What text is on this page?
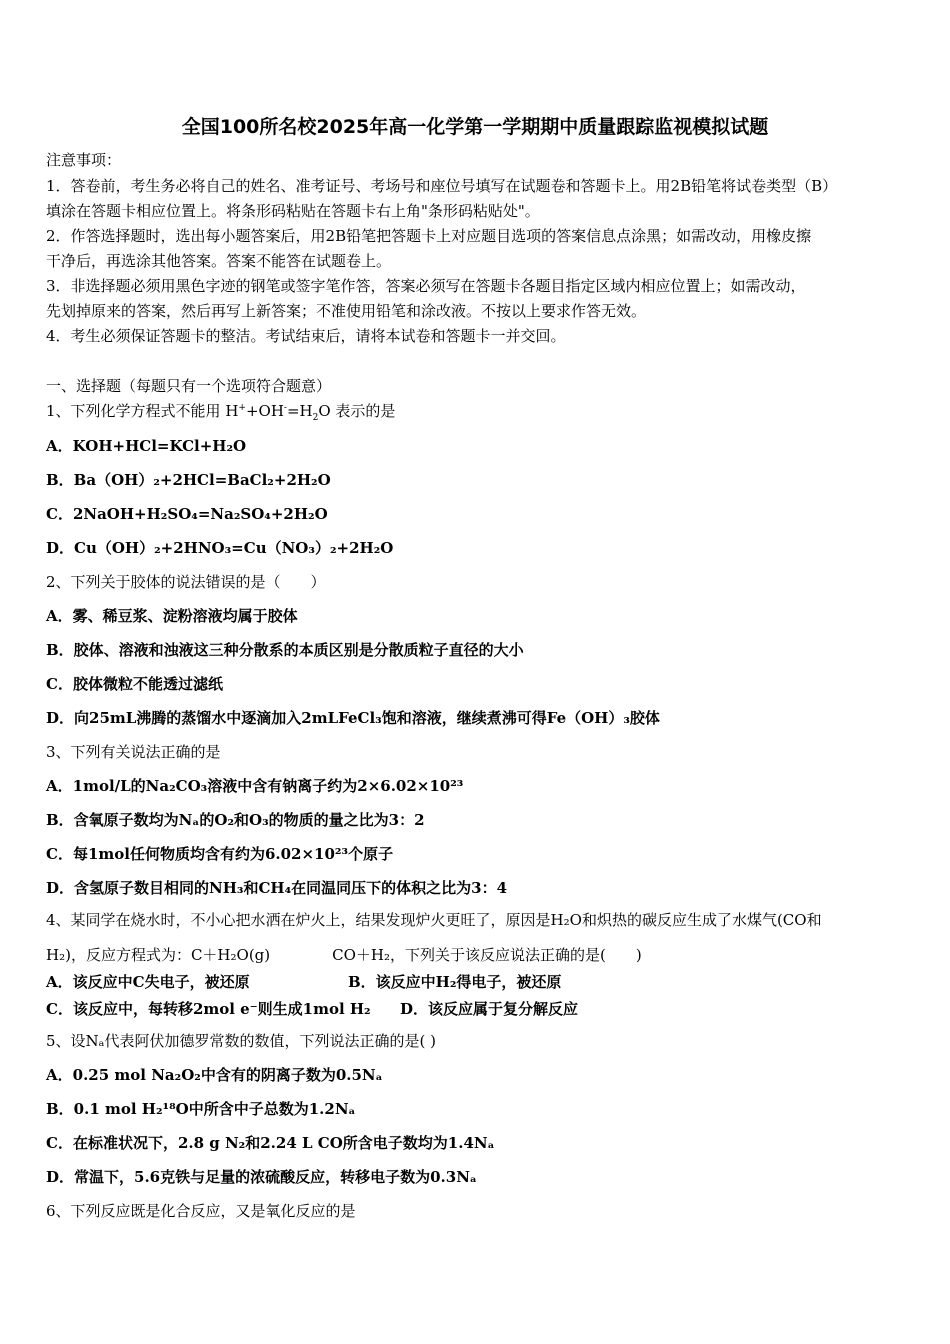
全国100所名校2025年高一化学第一学期期中质量跟踪监视模拟试题
注意事项：
1．答卷前，考生务必将自己的姓名、准考证号、考场号和座位号填写在试题卷和答题卡上。用2B铅笔将试卷类型（B）
填涂在答题卡相应位置上。将条形码粘贴在答题卡右上角"条形码粘贴处"。
2．作答选择题时，选出每小题答案后，用2B铅笔把答题卡上对应题目选项的答案信息点涂黑；如需改动，用橡皮擦
干净后，再选涂其他答案。答案不能答在试题卷上。
3．非选择题必须用黑色字迹的钢笔或签字笔作答，答案必须写在答题卡各题目指定区域内相应位置上；如需改动，
先划掉原来的答案，然后再写上新答案；不准使用铅笔和涂改液。不按以上要求作答无效。
4．考生必须保证答题卡的整洁。考试结束后，请将本试卷和答题卡一并交回。
一、选择题（每题只有一个选项符合题意）
1、下列化学方程式不能用 $H^++OH^-=H_2O$ 表示的是
A．KOH+HCl=KCl+H₂O
B．Ba（OH）₂+2HCl=BaCl₂+2H₂O
C．2NaOH+H₂SO₄=Na₂SO₄+2H₂O
D．Cu（OH）₂+2HNO₃=Cu（NO₃）₂+2H₂O
2、下列关于胶体的说法错误的是（　　）
A．雾、稀豆浆、淀粉溶液均属于胶体
B．胶体、溶液和浊液这三种分散系的本质区别是分散质粒子直径的大小
C．胶体微粒不能透过滤纸
D．向25mL沸腾的蒸馏水中逐滴加入2mLFeCl₃饱和溶液，继续煮沸可得Fe（OH）₃胶体
3、下列有关说法正确的是
A．1mol/L的Na₂CO₃溶液中含有钠离子约为2×6.02×10²³
B．含氧原子数均为Nₐ的O₂和O₃的物质的量之比为3：2
C．每1mol任何物质均含有约为6.02×10²³个原子
D．含氢原子数目相同的NH₃和CH₄在同温同压下的体积之比为3：4
4、某同学在烧水时，不小心把水洒在炉火上，结果发现炉火更旺了，原因是H₂O和炽热的碳反应生成了水煤气(CO和
H₂)，反应方程式为：C＋H₂O(g)	CO＋H₂，下列关于该反应说法正确的是(　　)
A．该反应中C失电子，被还原	B．该反应中H₂得电子，被还原
C．该反应中，每转移2mol e⁻则生成1mol H₂ D．该反应属于复分解反应
5、设Nₐ代表阿伏加德罗常数的数值，下列说法正确的是( )
A．0.25 mol Na₂O₂中含有的阴离子数为0.5Nₐ
B．0.1 mol H₂¹⁸O中所含中子总数为1.2Nₐ
C．在标准状况下，2.8 g N₂和2.24 L CO所含电子数均为1.4Nₐ
D．常温下，5.6克铁与足量的浓硫酸反应，转移电子数为0.3Nₐ
6、下列反应既是化合反应，又是氧化反应的是
